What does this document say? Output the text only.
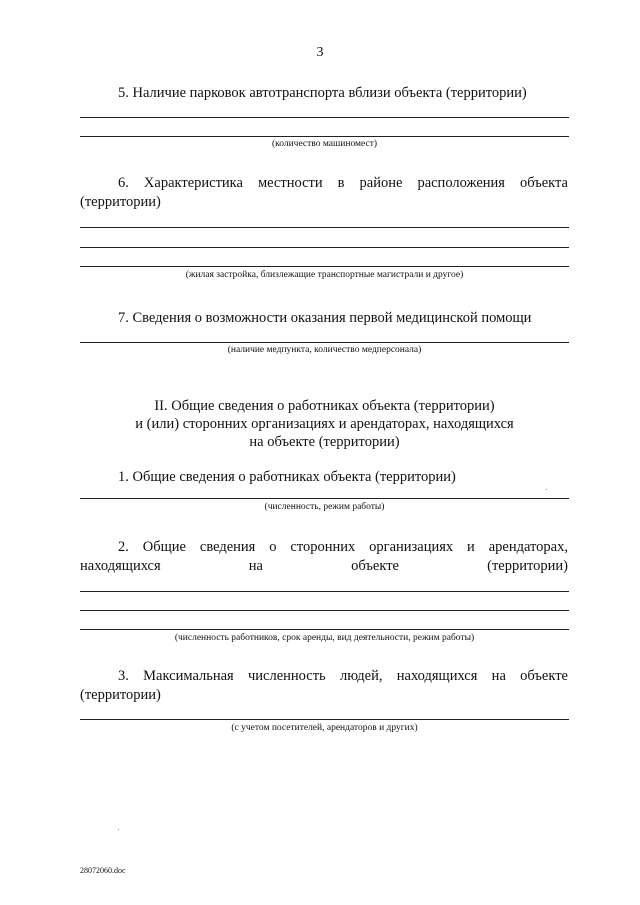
3
5. Наличие парковок автотранспорта вблизи объекта (территории)
(количество машиномест)
6. Характеристика местности в районе расположения объекта (территории)
(жилая застройка, близлежащие транспортные магистрали и другое)
7. Сведения о возможности оказания первой медицинской помощи
(наличие медпункта, количество медперсонала)
II. Общие сведения о работниках объекта (территории)
и (или) сторонних организациях и арендаторах, находящихся
на объекте (территории)
1. Общие сведения о работниках объекта (территории)
(численность, режим работы)
2. Общие сведения о сторонних организациях и арендаторах, находящихся на объекте (территории)
(численность работников, срок аренды, вид деятельности, режим работы)
3. Максимальная численность людей, находящихся на объекте (территории)
(с учетом посетителей, арендаторов и других)
28072060.doc
